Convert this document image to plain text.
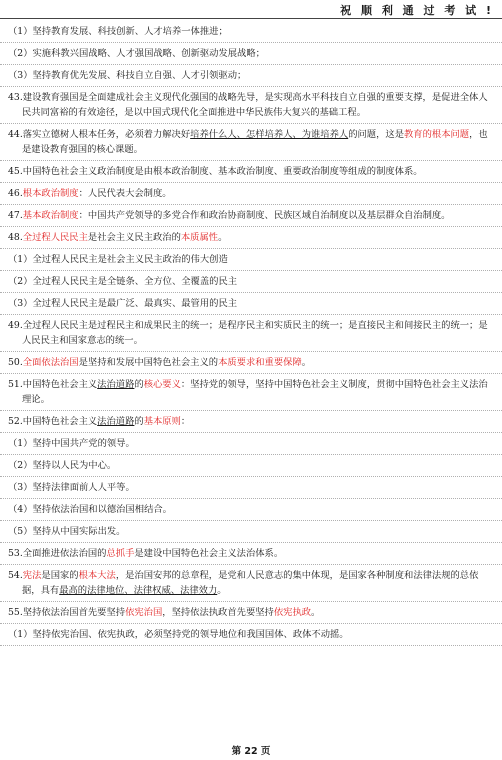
祝 顺 利 通 过 考 试 !

（1）坚持教育发展、科技创新、人才培养一体推进；

（2）实施科教兴国战略、人才强国战略、创新驱动发展战略；

（3）坚持教育优先发展、科技自立自强、人才引领驱动；

43.建设教育强国是全面建成社会主义现代化强国的战略先导，是实现高水平科技自立自强的重要支撑，是促进全体人民共同富裕的有效途径，是以中国式现代化全面推进中华民族伟大复兴的基础工程。

44.落实立德树人根本任务，必须着力解决好培养什么人、怎样培养人、为谁培养人的问题，这是教育的根本问题，也是建设教育强国的核心课题。

45.中国特色社会主义政治制度是由根本政治制度、基本政治制度、重要政治制度等组成的制度体系。

46.根本政治制度：人民代表大会制度。

47.基本政治制度：中国共产党领导的多党合作和政治协商制度、民族区域自治制度以及基层群众自治制度。

48.全过程人民民主是社会主义民主政治的本质属性。

（1）全过程人民民主是社会主义民主政治的伟大创造

（2）全过程人民民主是全链条、全方位、全覆盖的民主

（3）全过程人民民主是最广泛、最真实、最管用的民主

49.全过程人民民主是过程民主和成果民主的统一；是程序民主和实质民主的统一；是直接民主和间接民主的统一；是人民民主和国家意志的统一。

50.全面依法治国是坚持和发展中国特色社会主义的本质要求和重要保障。

51.中国特色社会主义法治道路的核心要义：坚持党的领导，坚持中国特色社会主义制度，贯彻中国特色社会主义法治理论。

52.中国特色社会主义法治道路的基本原则：

（1）坚持中国共产党的领导。

（2）坚持以人民为中心。

（3）坚持法律面前人人平等。

（4）坚持依法治国和以德治国相结合。

（5）坚持从中国实际出发。

53.全面推进依法治国的总抓手是建设中国特色社会主义法治体系。

54.宪法是国家的根本大法，是治国安邦的总章程，是党和人民意志的集中体现，是国家各种制度和法律法规的总依据，具有最高的法律地位、法律权威、法律效力。

55.坚持依法治国首先要坚持依宪治国，坚持依法执政首先要坚持依宪执政。

（1）坚持依宪治国、依宪执政，必须坚持党的领导地位和我国国体、政体不动摇。

第 22 页
